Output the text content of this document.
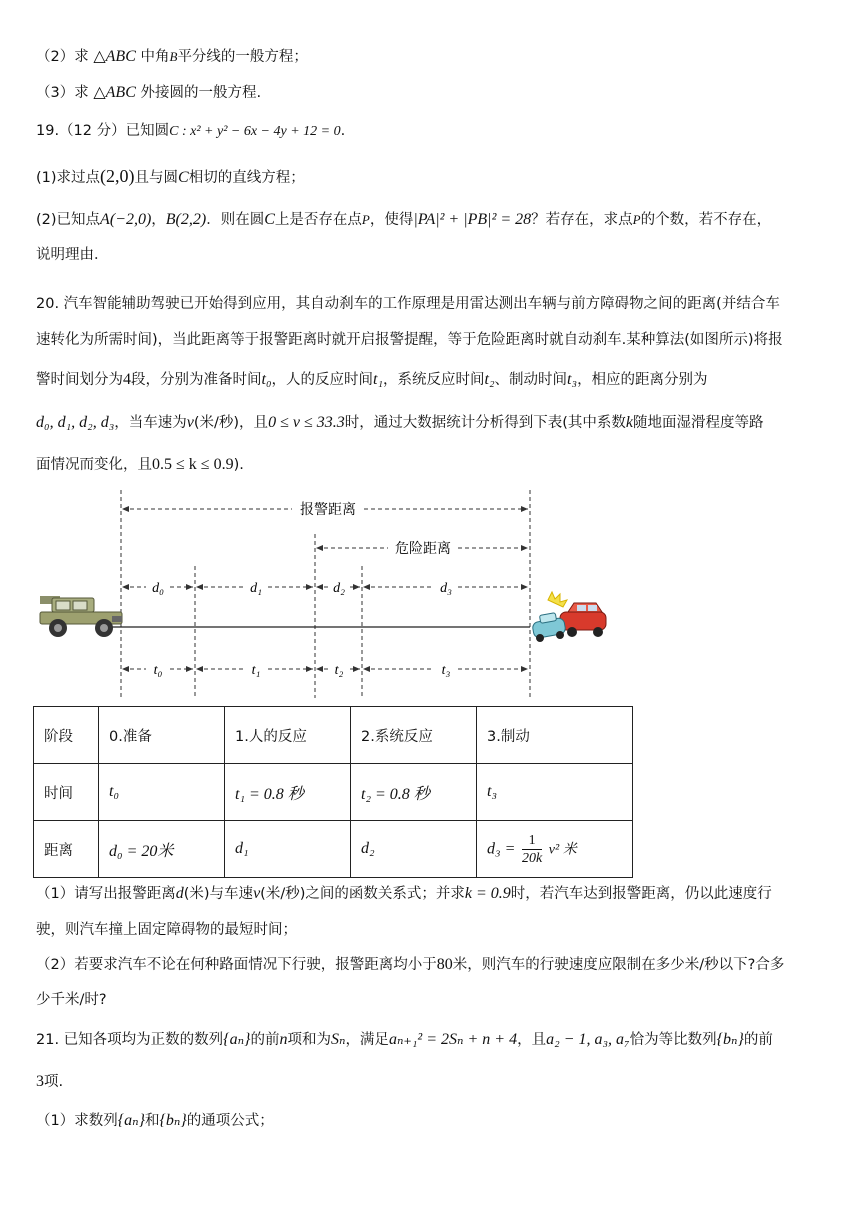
（2）求 △ABC 中角B平分线的一般方程；
（3）求 △ABC 外接圆的一般方程.
19.（12 分）已知圆C : x² + y² − 6x − 4y + 12 = 0.
(1)求过点(2,0)且与圆C相切的直线方程；
(2)已知点A(−2,0)，B(2,2)．则在圆C上是否存在点P，使得|PA|² + |PB|² = 28？若存在，求点P的个数，若不存在，
说明理由．
20. 汽车智能辅助驾驶已开始得到应用，其自动刹车的工作原理是用雷达测出车辆与前方障碍物之间的距离(并结合车
速转化为所需时间)，当此距离等于报警距离时就开启报警提醒，等于危险距离时就自动刹车.某种算法(如图所示)将报
警时间划分为4段，分别为准备时间t₀，人的反应时间t₁，系统反应时间t₂、制动时间t₃，相应的距离分别为
d₀, d₁, d₂, d₃，当车速为v(米/秒)，且0 ≤ v ≤ 33.3时，通过大数据统计分析得到下表(其中系数k随地面湿滑程度等路
面情况而变化，且0.5 ≤ k ≤ 0.9).
报警距离
危险距离
d₀	d₁	d₂	d₃
t₀	t₁	t₂	t₃
阶段	0.准备	1.人的反应	2.系统反应	3.制动
时间	t₀	t₁ = 0.8 秒	t₂ = 0.8 秒	t₃
距离	d₀ = 20米	d₁	d₂	$d_3 = \frac{1}{20k} v^2$ 米
（1）请写出报警距离d(米)与车速v(米/秒)之间的函数关系式；并求k = 0.9时，若汽车达到报警距离，仍以此速度行
驶，则汽车撞上固定障碍物的最短时间；
（2）若要求汽车不论在何种路面情况下行驶，报警距离均小于80米，则汽车的行驶速度应限制在多少米/秒以下?合多
少千米/时?
21. 已知各项均为正数的数列{aₙ}的前n项和为Sₙ，满足aₙ₊₁² = 2Sₙ + n + 4，且a₂ − 1, a₃, a₇恰为等比数列{bₙ}的前
3项.
（1）求数列{aₙ}和{bₙ}的通项公式；
